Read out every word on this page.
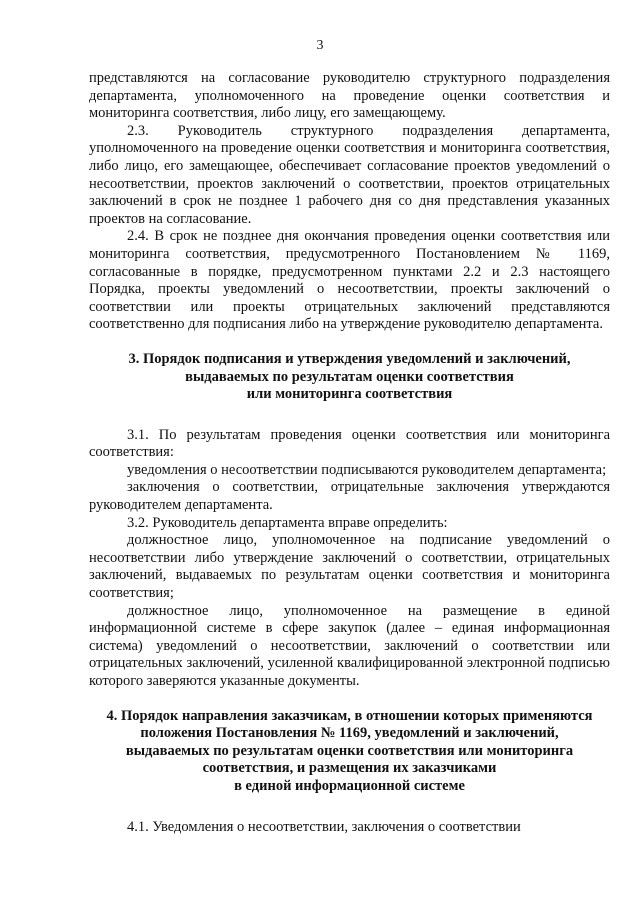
3

представляются на согласование руководителю структурного подразделения департамента, уполномоченного на проведение оценки соответствия и мониторинга соответствия, либо лицу, его замещающему.

2.3. Руководитель структурного подразделения департамента, уполномоченного на проведение оценки соответствия и мониторинга соответствия, либо лицо, его замещающее, обеспечивает согласование проектов уведомлений о несоответствии, проектов заключений о соответствии, проектов отрицательных заключений в срок не позднее 1 рабочего дня со дня представления указанных проектов на согласование.

2.4. В срок не позднее дня окончания проведения оценки соответствия или мониторинга соответствия, предусмотренного Постановлением № 1169, согласованные в порядке, предусмотренном пунктами 2.2 и 2.3 настоящего Порядка, проекты уведомлений о несоответствии, проекты заключений о соответствии или проекты отрицательных заключений представляются соответственно для подписания либо на утверждение руководителю департамента.

3. Порядок подписания и утверждения уведомлений и заключений,
выдаваемых по результатам оценки соответствия
или мониторинга соответствия

3.1. По результатам проведения оценки соответствия или мониторинга соответствия:

уведомления о несоответствии подписываются руководителем департамента;

заключения о соответствии, отрицательные заключения утверждаются руководителем департамента.

3.2. Руководитель департамента вправе определить:

должностное лицо, уполномоченное на подписание уведомлений о несоответствии либо утверждение заключений о соответствии, отрицательных заключений, выдаваемых по результатам оценки соответствия и мониторинга соответствия;

должностное лицо, уполномоченное на размещение в единой информационной системе в сфере закупок (далее – единая информационная система) уведомлений о несоответствии, заключений о соответствии или отрицательных заключений, усиленной квалифицированной электронной подписью которого заверяются указанные документы.

4. Порядок направления заказчикам, в отношении которых применяются
положения Постановления № 1169, уведомлений и заключений,
выдаваемых по результатам оценки соответствия или мониторинга
соответствия, и размещения их заказчиками
в единой информационной системе

4.1. Уведомления о несоответствии, заключения о соответствии
